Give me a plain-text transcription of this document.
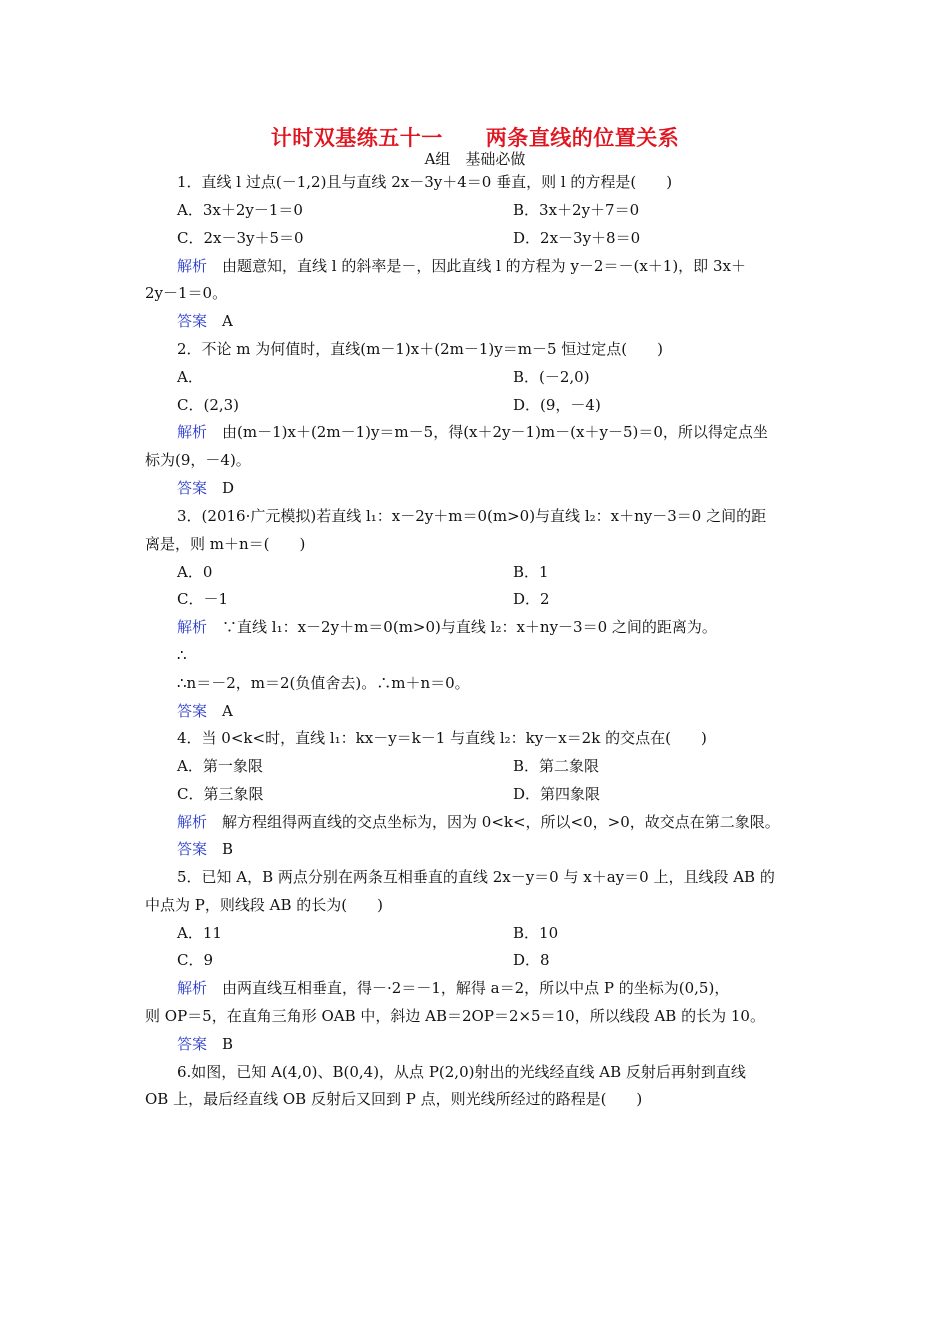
计时双基练五十一　　两条直线的位置关系
A组　基础必做
1．直线 l 过点(－1,2)且与直线 2x－3y＋4＝0 垂直，则 l 的方程是(　　)
A．3x＋2y－1＝0	B．3x＋2y＋7＝0
C．2x－3y＋5＝0	D．2x－3y＋8＝0
解析　由题意知，直线 l 的斜率是－，因此直线 l 的方程为 y－2＝－(x＋1)，即 3x＋
2y－1＝0。
答案　A
2．不论 m 为何值时，直线(m－1)x＋(2m－1)y＝m－5 恒过定点(　　)
A．	B．(－2,0)
C．(2,3)	D．(9，－4)
解析　由(m－1)x＋(2m－1)y＝m－5，得(x＋2y－1)m－(x＋y－5)＝0，所以得定点坐
标为(9，－4)。
答案　D
3．(2016·广元模拟)若直线 l₁：x－2y＋m＝0(m>0)与直线 l₂：x＋ny－3＝0 之间的距
离是，则 m＋n＝(　　)
A．0	B．1
C．－1	D．2
解析　∵直线 l₁：x－2y＋m＝0(m>0)与直线 l₂：x＋ny－3＝0 之间的距离为。
∴
∴n＝－2，m＝2(负值舍去)。∴m＋n＝0。
答案　A
4．当 0<k<时，直线 l₁：kx－y＝k－1 与直线 l₂：ky－x＝2k 的交点在(　　)
A．第一象限	B．第二象限
C．第三象限	D．第四象限
解析　解方程组得两直线的交点坐标为，因为 0<k<，所以<0，>0，故交点在第二象限。
答案　B
5．已知 A，B 两点分别在两条互相垂直的直线 2x－y＝0 与 x＋ay＝0 上，且线段 AB 的
中点为 P，则线段 AB 的长为(　　)
A．11	B．10
C．9	D．8
解析　由两直线互相垂直，得－·2＝－1，解得 a＝2，所以中点 P 的坐标为(0,5)，
则 OP＝5，在直角三角形 OAB 中，斜边 AB＝2OP＝2×5＝10，所以线段 AB 的长为 10。
答案　B
6.如图，已知 A(4,0)、B(0,4)，从点 P(2,0)射出的光线经直线 AB 反射后再射到直线
OB 上，最后经直线 OB 反射后又回到 P 点，则光线所经过的路程是(　　)
